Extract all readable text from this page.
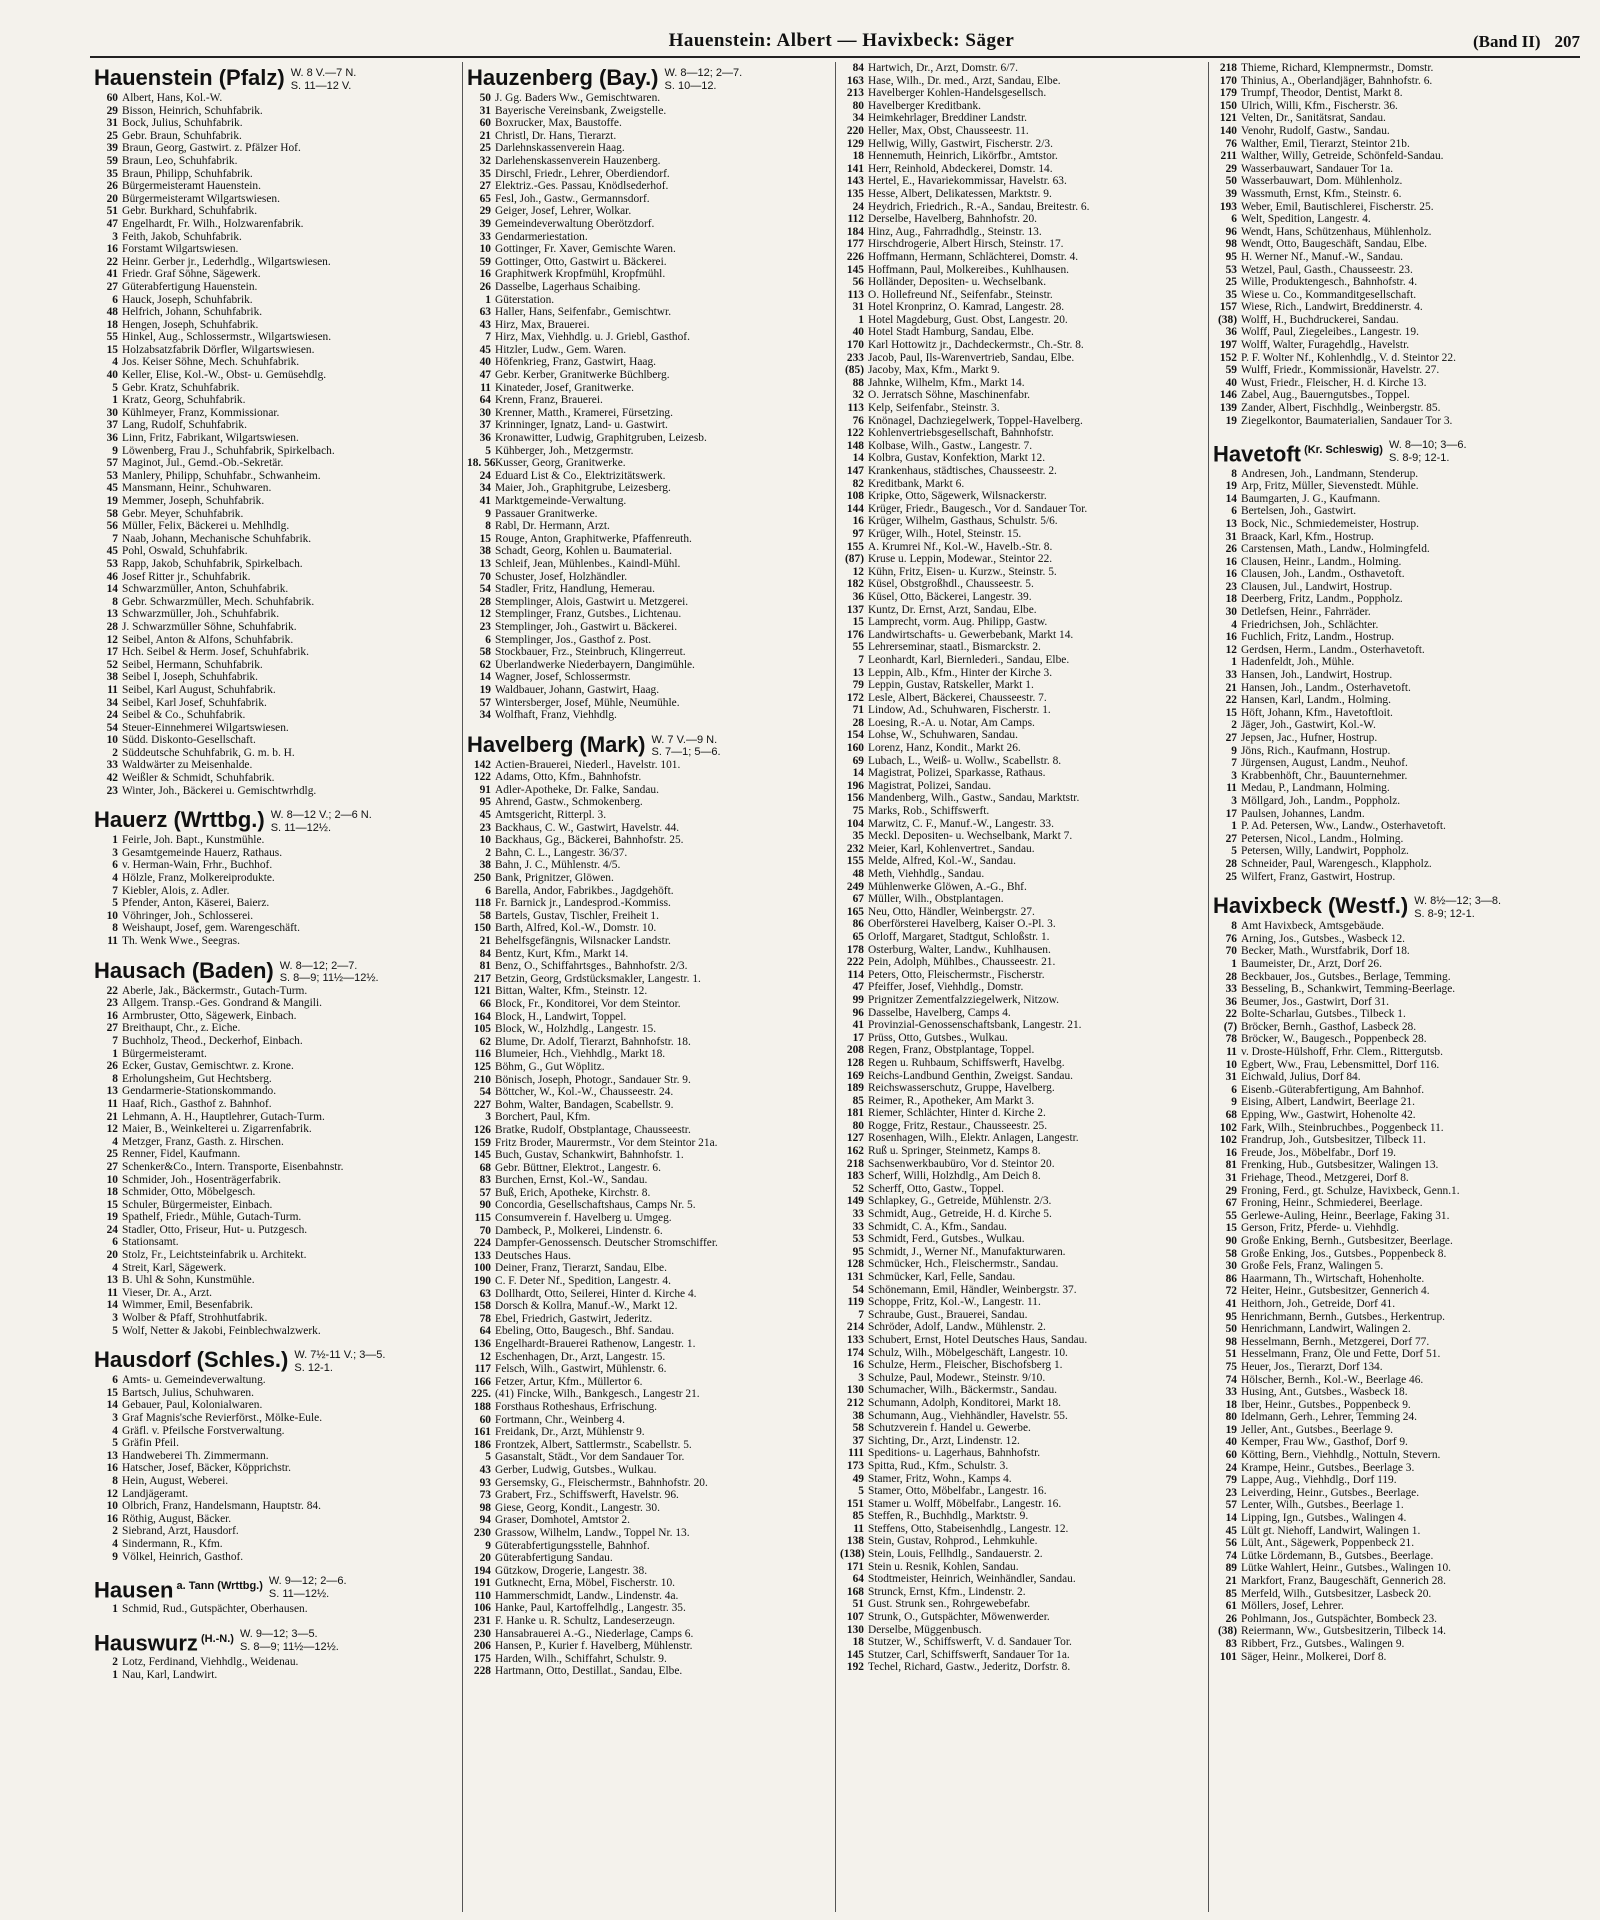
Hauenstein: Albert — Havixbeck: Säger	(Band II) 207
Hauenstein (Pfalz) W. 8 V.—7 N.
S. 11—12 V.
60 Albert, Hans, Kol.-W.
29 Bisson, Heinrich, Schuhfabrik.
31 Bock, Julius, Schuhfabrik.
25 Gebr. Braun, Schuhfabrik.
39 Braun, Georg, Gastwirt. z. Pfälzer Hof.
59 Braun, Leo, Schuhfabrik.
35 Braun, Philipp, Schuhfabrik.
26 Bürgermeisteramt Hauenstein.
20 Bürgermeisteramt Wilgartswiesen.
51 Gebr. Burkhard, Schuhfabrik.
47 Engelhardt, Fr. Wilh., Holzwarenfabrik.
3 Feith, Jakob, Schuhfabrik.
16 Forstamt Wilgartswiesen.
22 Heinr. Gerber jr., Lederhdlg., Wilgartswiesen.
41 Friedr. Graf Söhne, Sägewerk.
27 Güterabfertigung Hauenstein.
6 Hauck, Joseph, Schuhfabrik.
48 Helfrich, Johann, Schuhfabrik.
18 Hengen, Joseph, Schuhfabrik.
55 Hinkel, Aug., Schlossermstr., Wilgartswiesen.
15 Holzabsatzfabrik Dörfler, Wilgartswiesen.
4 Jos. Keiser Söhne, Mech. Schuhfabrik.
40 Keller, Elise, Kol.-W., Obst- u. Gemüsehdlg.
5 Gebr. Kratz, Schuhfabrik.
1 Kratz, Georg, Schuhfabrik.
30 Kühlmeyer, Franz, Kommissionar.
37 Lang, Rudolf, Schuhfabrik.
36 Linn, Fritz, Fabrikant, Wilgartswiesen.
9 Löwenberg, Frau J., Schuhfabrik, Spirkelbach.
57 Maginot, Jul., Gemd.-Ob.-Sekretär.
53 Manlery, Philipp, Schuhfabr., Schwanheim.
45 Mansmann, Heinr., Schuhwaren.
19 Memmer, Joseph, Schuhfabrik.
58 Gebr. Meyer, Schuhfabrik.
56 Müller, Felix, Bäckerei u. Mehlhdlg.
7 Naab, Johann, Mechanische Schuhfabrik.
45 Pohl, Oswald, Schuhfabrik.
53 Rapp, Jakob, Schuhfabrik, Spirkelbach.
46 Josef Ritter jr., Schuhfabrik.
14 Schwarzmüller, Anton, Schuhfabrik.
8 Gebr. Schwarzmüller, Mech. Schuhfabrik.
13 Schwarzmüller, Joh., Schuhfabrik.
28 J. Schwarzmüller Söhne, Schuhfabrik.
12 Seibel, Anton & Alfons, Schuhfabrik.
17 Hch. Seibel & Herm. Josef, Schuhfabrik.
52 Seibel, Hermann, Schuhfabrik.
38 Seibel I, Joseph, Schuhfabrik.
11 Seibel, Karl August, Schuhfabrik.
34 Seibel, Karl Josef, Schuhfabrik.
24 Seibel & Co., Schuhfabrik.
54 Steuer-Einnehmerei Wilgartswiesen.
10 Südd. Diskonto-Gesellschaft.
2 Süddeutsche Schuhfabrik, G. m. b. H.
33 Waldwärter zu Meisenhalde.
42 Weißler & Schmidt, Schuhfabrik.
23 Winter, Joh., Bäckerei u. Gemischtwrhdlg.
Hauerz (Wrttbg.) W. 8—12 V.; 2—6 N.
S. 11—12½.
1 Feirle, Joh. Bapt., Kunstmühle.
3 Gesamtgemeinde Hauerz, Rathaus.
6 v. Herman-Wain, Frhr., Buchhof.
4 Hölzle, Franz, Molkereiprodukte.
7 Kiebler, Alois, z. Adler.
5 Pfender, Anton, Käserei, Baierz.
10 Vöhringer, Joh., Schlosserei.
8 Weishaupt, Josef, gem. Warengeschäft.
11 Th. Wenk Wwe., Seegras.
Hausach (Baden) W. 8—12; 2—7.
S. 8—9; 11½—12½.
22 Aberle, Jak., Bäckermstr., Gutach-Turm.
23 Allgem. Transp.-Ges. Gondrand & Mangili.
16 Armbruster, Otto, Sägewerk, Einbach.
27 Breithaupt, Chr., z. Eiche.
7 Buchholz, Theod., Deckerhof, Einbach.
1 Bürgermeisteramt.
26 Ecker, Gustav, Gemischtwr. z. Krone.
8 Erholungsheim, Gut Hechtsberg.
13 Gendarmerie-Stationskommando.
11 Haaf, Rich., Gasthof z. Bahnhof.
21 Lehmann, A. H., Hauptlehrer, Gutach-Turm.
12 Maier, B., Weinkelterei u. Zigarrenfabrik.
4 Metzger, Franz, Gasth. z. Hirschen.
25 Renner, Fidel, Kaufmann.
27 Schenker&Co., Intern. Transporte, Eisenbahnstr.
10 Schmider, Joh., Hosenträgerfabrik.
18 Schmider, Otto, Möbelgesch.
15 Schuler, Bürgermeister, Einbach.
19 Spathelf, Friedr., Mühle, Gutach-Turm.
24 Stadler, Otto, Friseur, Hut- u. Putzgesch.
6 Stationsamt.
20 Stolz, Fr., Leichtsteinfabrik u. Architekt.
4 Streit, Karl, Sägewerk.
13 B. Uhl & Sohn, Kunstmühle.
11 Vieser, Dr. A., Arzt.
14 Wimmer, Emil, Besenfabrik.
3 Wolber & Pfaff, Strohhutfabrik.
5 Wolf, Netter & Jakobi, Feinblechwalzwerk.
Hausdorf (Schles.) W. 7½-11 V.; 3—5.
S. 12-1.
6 Amts- u. Gemeindeverwaltung.
15 Bartsch, Julius, Schuhwaren.
14 Gebauer, Paul, Kolonialwaren.
3 Graf Magnis'sche Revierförst., Mölke-Eule.
4 Gräfl. v. Pfeilsche Forstverwaltung.
5 Gräfin Pfeil.
13 Handweberei Th. Zimmermann.
16 Hatscher, Josef, Bäcker, Köpprichstr.
8 Hein, August, Weberei.
12 Landjägeramt.
10 Olbrich, Franz, Handelsmann, Hauptstr. 84.
16 Röthig, August, Bäcker.
2 Siebrand, Arzt, Hausdorf.
4 Sindermann, R., Kfm.
9 Völkel, Heinrich, Gasthof.
Hausen $^{a. Tann (Wrttbg.)}$ W. 9—12; 2—6.
S. 11—12½.
1 Schmid, Rud., Gutspächter, Oberhausen.
Hauswurz $^{(H.-N.)}$ W. 9—12; 3—5.
S. 8—9; 11½—12½.
2 Lotz, Ferdinand, Viehhdlg., Weidenau.
1 Nau, Karl, Landwirt.
Hauzenberg (Bay.) W. 8—12; 2—7.
S. 10—12.
50 J. Gg. Baders Ww., Gemischtwaren.
31 Bayerische Vereinsbank, Zweigstelle.
60 Boxrucker, Max, Baustoffe.
21 Christl, Dr. Hans, Tierarzt.
25 Darlehnskassenverein Haag.
32 Darlehenskassenverein Hauzenberg.
35 Dirschl, Friedr., Lehrer, Oberdiendorf.
27 Elektriz.-Ges. Passau, Knödlsederhof.
65 Fesl, Joh., Gastw., Germannsdorf.
29 Geiger, Josef, Lehrer, Wolkar.
39 Gemeindeverwaltung Oberötzdorf.
33 Gendarmeriestation.
10 Gottinger, Fr. Xaver, Gemischte Waren.
59 Gottinger, Otto, Gastwirt u. Bäckerei.
16 Graphitwerk Kropfmühl, Kropfmühl.
26 Dasselbe, Lagerhaus Schaibing.
1 Güterstation.
63 Haller, Hans, Seifenfabr., Gemischtwr.
43 Hirz, Max, Brauerei.
7 Hirz, Max, Viehhdlg. u. J. Griebl, Gasthof.
45 Hitzler, Ludw., Gem. Waren.
40 Höfenkrieg, Franz, Gastwirt, Haag.
47 Gebr. Kerber, Granitwerke Büchlberg.
11 Kinateder, Josef, Granitwerke.
64 Krenn, Franz, Brauerei.
30 Krenner, Matth., Kramerei, Fürsetzing.
37 Krinninger, Ignatz, Land- u. Gastwirt.
36 Kronawitter, Ludwig, Graphitgruben, Leizesb.
5 Kühberger, Joh., Metzgermstr.
18. 56 Kusser, Georg, Granitwerke.
24 Eduard List & Co., Elektrizitätswerk.
34 Maier, Joh., Graphitgrube, Leizesberg.
41 Marktgemeinde-Verwaltung.
9 Passauer Granitwerke.
8 Rabl, Dr. Hermann, Arzt.
15 Rouge, Anton, Graphitwerke, Pfaffenreuth.
38 Schadt, Georg, Kohlen u. Baumaterial.
13 Schleif, Jean, Mühlenbes., Kaindl-Mühl.
70 Schuster, Josef, Holzhändler.
54 Stadler, Fritz, Handlung, Hemerau.
28 Stemplinger, Alois, Gastwirt u. Metzgerei.
12 Stemplinger, Franz, Gutsbes., Lichtenau.
23 Stemplinger, Joh., Gastwirt u. Bäckerei.
6 Stemplinger, Jos., Gasthof z. Post.
58 Stockbauer, Frz., Steinbruch, Klingerreut.
62 Überlandwerke Niederbayern, Dangimühle.
14 Wagner, Josef, Schlossermstr.
19 Waldbauer, Johann, Gastwirt, Haag.
57 Wintersberger, Josef, Mühle, Neumühle.
34 Wolfhaft, Franz, Viehhdlg.
Havelberg (Mark) W. 7 V.—9 N.
S. 7—1; 5—6.
142 Actien-Brauerei, Niederl., Havelstr. 101.
122 Adams, Otto, Kfm., Bahnhofstr.
91 Adler-Apotheke, Dr. Falke, Sandau.
95 Ahrend, Gastw., Schmokenberg.
45 Amtsgericht, Ritterpl. 3.
23 Backhaus, C. W., Gastwirt, Havelstr. 44.
10 Backhaus, Gg., Bäckerei, Bahnhofstr. 25.
2 Bahn, C. L., Langestr. 36/37.
38 Bahn, J. C., Mühlenstr. 4/5.
250 Bank, Prignitzer, Glöwen.
6 Barella, Andor, Fabrikbes., Jagdgehöft.
118 Fr. Barnick jr., Landesprod.-Kommiss.
58 Bartels, Gustav, Tischler, Freiheit 1.
150 Barth, Alfred, Kol.-W., Domstr. 10.
21 Behelfsgefängnis, Wilsnacker Landstr.
84 Bentz, Kurt, Kfm., Markt 14.
81 Benz, O., Schiffahrtsges., Bahnhofstr. 2/3.
217 Betzin, Georg, Grdstücksmakler, Langestr. 1.
121 Bittan, Walter, Kfm., Steinstr. 12.
66 Block, Fr., Konditorei, Vor dem Steintor.
164 Block, H., Landwirt, Toppel.
105 Block, W., Holzhdlg., Langestr. 15.
62 Blume, Dr. Adolf, Tierarzt, Bahnhofstr. 18.
116 Blumeier, Hch., Viehhdlg., Markt 18.
125 Böhm, G., Gut Wöplitz.
210 Bönisch, Joseph, Photogr., Sandauer Str. 9.
54 Böttcher, W., Kol.-W., Chausseestr. 24.
227 Bohm, Walter, Bandagen, Scabellstr. 9.
3 Borchert, Paul, Kfm.
126 Bratke, Rudolf, Obstplantage, Chausseestr.
159 Fritz Broder, Maurermstr., Vor dem Steintor 21a.
145 Buch, Gustav, Schankwirt, Bahnhofstr. 1.
68 Gebr. Büttner, Elektrot., Langestr. 6.
83 Burchen, Ernst, Kol.-W., Sandau.
57 Buß, Erich, Apotheke, Kirchstr. 8.
90 Concordia, Gesellschaftshaus, Camps Nr. 5.
115 Consumverein f. Havelberg u. Umgeg.
70 Dambeck, P., Molkerei, Lindenstr. 6.
224 Dampfer-Genossensch. Deutscher Stromschiffer.
133 Deutsches Haus.
100 Deiner, Franz, Tierarzt, Sandau, Elbe.
190 C. F. Deter Nf., Spedition, Langestr. 4.
63 Dollhardt, Otto, Seilerei, Hinter d. Kirche 4.
158 Dorsch & Kollra, Manuf.-W., Markt 12.
78 Ebel, Friedrich, Gastwirt, Jederitz.
64 Ebeling, Otto, Baugesch., Bhf. Sandau.
136 Engelhardt-Brauerei Rathenow, Langestr. 1.
12 Eschenhagen, Dr., Arzt, Langestr. 15.
117 Felsch, Wilh., Gastwirt, Mühlenstr. 6.
166 Fetzer, Artur, Kfm., Müllertor 6.
225. (41) Fincke, Wilh., Bankgesch., Langestr 21.
188 Forsthaus Rotheshaus, Erfrischung.
60 Fortmann, Chr., Weinberg 4.
161 Freidank, Dr., Arzt, Mühlenstr 9.
186 Frontzek, Albert, Sattlermstr., Scabellstr. 5.
5 Gasanstalt, Städt., Vor dem Sandauer Tor.
43 Gerber, Ludwig, Gutsbes., Wulkau.
93 Gersemsky, G., Fleischermstr., Bahnhofstr. 20.
73 Grabert, Frz., Schiffswerft, Havelstr. 96.
98 Giese, Georg, Kondit., Langestr. 30.
94 Graser, Domhotel, Amtstor 2.
230 Grassow, Wilhelm, Landw., Toppel Nr. 13.
9 Güterabfertigungsstelle, Bahnhof.
20 Güterabfertigung Sandau.
194 Gützkow, Drogerie, Langestr. 38.
191 Gutknecht, Erna, Möbel, Fischerstr. 10.
110 Hammerschmidt, Landw., Lindenstr. 4a.
106 Hanke, Paul, Kartoffelhdlg., Langestr. 35.
231 F. Hanke u. R. Schultz, Landeserzeugn.
230 Hansabrauerei A.-G., Niederlage, Camps 6.
206 Hansen, P., Kurier f. Havelberg, Mühlenstr.
175 Harden, Wilh., Schiffahrt, Schulstr. 9.
228 Hartmann, Otto, Destillat., Sandau, Elbe.
84 Hartwich, Dr., Arzt, Domstr. 6/7.
163 Hase, Wilh., Dr. med., Arzt, Sandau, Elbe.
213 Havelberger Kohlen-Handelsgesellsch.
80 Havelberger Kreditbank.
34 Heimkehrlager, Breddiner Landstr.
220 Heller, Max, Obst, Chausseestr. 11.
129 Hellwig, Willy, Gastwirt, Fischerstr. 2/3.
18 Hennemuth, Heinrich, Likörfbr., Amtstor.
141 Herr, Reinhold, Abdeckerei, Domstr. 14.
143 Hertel, E., Havariekommissar, Havelstr. 63.
135 Hesse, Albert, Delikatessen, Marktstr. 9.
24 Heydrich, Friedrich., R.-A., Sandau, Breitestr. 6.
112 Derselbe, Havelberg, Bahnhofstr. 20.
184 Hinz, Aug., Fahrradhdlg., Steinstr. 13.
177 Hirschdrogerie, Albert Hirsch, Steinstr. 17.
226 Hoffmann, Hermann, Schlächterei, Domstr. 4.
145 Hoffmann, Paul, Molkereibes., Kuhlhausen.
56 Holländer, Depositen- u. Wechselbank.
113 O. Hollefreund Nf., Seifenfabr., Steinstr.
31 Hotel Kronprinz, O. Kamrad, Langestr. 28.
1 Hotel Magdeburg, Gust. Obst, Langestr. 20.
40 Hotel Stadt Hamburg, Sandau, Elbe.
170 Karl Hottowitz jr., Dachdeckermstr., Ch.-Str. 8.
233 Jacob, Paul, Ils-Warenvertrieb, Sandau, Elbe.
(85) Jacoby, Max, Kfm., Markt 9.
88 Jahnke, Wilhelm, Kfm., Markt 14.
32 O. Jerratsch Söhne, Maschinenfabr.
113 Kelp, Seifenfabr., Steinstr. 3.
76 Knönagel, Dachziegelwerk, Toppel-Havelberg.
122 Kohlenvertriebsgesellschaft, Bahnhofstr.
148 Kolbase, Wilh., Gastw., Langestr. 7.
14 Kolbra, Gustav, Konfektion, Markt 12.
147 Krankenhaus, städtisches, Chausseestr. 2.
82 Kreditbank, Markt 6.
108 Kripke, Otto, Sägewerk, Wilsnackerstr.
144 Krüger, Friedr., Baugesch., Vor d. Sandauer Tor.
16 Krüger, Wilhelm, Gasthaus, Schulstr. 5/6.
97 Krüger, Wilh., Hotel, Steinstr. 15.
155 A. Krumrei Nf., Kol.-W., Havelb.-Str. 8.
(87) Kruse u. Leppin, Modewar., Steintor 22.
12 Kühn, Fritz, Eisen- u. Kurzw., Steinstr. 5.
182 Küsel, Obstgroßhdl., Chausseestr. 5.
36 Küsel, Otto, Bäckerei, Langestr. 39.
137 Kuntz, Dr. Ernst, Arzt, Sandau, Elbe.
15 Lamprecht, vorm. Aug. Philipp, Gastw.
176 Landwirtschafts- u. Gewerbebank, Markt 14.
55 Lehrerseminar, staatl., Bismarckstr. 2.
7 Leonhardt, Karl, Biernlederi., Sandau, Elbe.
13 Leppin, Alb., Kfm., Hinter der Kirche 3.
79 Leppin, Gustav, Ratskeller, Markt 1.
172 Lesle, Albert, Bäckerei, Chausseestr. 7.
71 Lindow, Ad., Schuhwaren, Fischerstr. 1.
28 Loesing, R.-A. u. Notar, Am Camps.
154 Lohse, W., Schuhwaren, Sandau.
160 Lorenz, Hanz, Kondit., Markt 26.
69 Lubach, L., Weiß- u. Wollw., Scabellstr. 8.
14 Magistrat, Polizei, Sparkasse, Rathaus.
196 Magistrat, Polizei, Sandau.
156 Mandenberg, Wilh., Gastw., Sandau, Marktstr.
75 Marks, Rob., Schiffswerft.
104 Marwitz, C. F., Manuf.-W., Langestr. 33.
35 Meckl. Depositen- u. Wechselbank, Markt 7.
232 Meier, Karl, Kohlenvertret., Sandau.
155 Melde, Alfred, Kol.-W., Sandau.
48 Meth, Viehhdlg., Sandau.
249 Mühlenwerke Glöwen, A.-G., Bhf.
67 Müller, Wilh., Obstplantagen.
165 Neu, Otto, Händler, Weinbergstr. 27.
86 Oberförsterei Havelberg, Kaiser O.-Pl. 3.
65 Orloff, Margaret, Stadtgut, Schloßstr. 1.
178 Osterburg, Walter, Landw., Kuhlhausen.
222 Pein, Adolph, Mühlbes., Chausseestr. 21.
114 Peters, Otto, Fleischermstr., Fischerstr.
47 Pfeiffer, Josef, Viehhdlg., Domstr.
99 Prignitzer Zementfalzziegelwerk, Nitzow.
96 Dasselbe, Havelberg, Camps 4.
41 Provinzial-Genossenschaftsbank, Langestr. 21.
17 Prüss, Otto, Gutsbes., Wulkau.
208 Regen, Franz, Obstplantage, Toppel.
128 Regen u. Ruhbaum, Schiffswerft, Havelbg.
169 Reichs-Landbund Genthin, Zweigst. Sandau.
189 Reichswasserschutz, Gruppe, Havelberg.
85 Reimer, R., Apotheker, Am Markt 3.
181 Riemer, Schlächter, Hinter d. Kirche 2.
80 Rogge, Fritz, Restaur., Chausseestr. 25.
127 Rosenhagen, Wilh., Elektr. Anlagen, Langestr.
162 Ruß u. Springer, Steinmetz, Kamps 8.
218 Sachsenwerkbaubüro, Vor d. Steintor 20.
183 Scherf, Willi, Holzhdlg., Am Deich 8.
52 Scherff, Otto, Gastw., Toppel.
149 Schlapkey, G., Getreide, Mühlenstr. 2/3.
33 Schmidt, Aug., Getreide, H. d. Kirche 5.
33 Schmidt, C. A., Kfm., Sandau.
53 Schmidt, Ferd., Gutsbes., Wulkau.
95 Schmidt, J., Werner Nf., Manufakturwaren.
128 Schmücker, Hch., Fleischermstr., Sandau.
131 Schmücker, Karl, Felle, Sandau.
54 Schönemann, Emil, Händler, Weinbergstr. 37.
119 Schoppe, Fritz, Kol.-W., Langestr. 11.
7 Schraube, Gust., Brauerei, Sandau.
214 Schröder, Adolf, Landw., Mühlenstr. 2.
133 Schubert, Ernst, Hotel Deutsches Haus, Sandau.
174 Schulz, Wilh., Möbelgeschäft, Langestr. 10.
16 Schulze, Herm., Fleischer, Bischofsberg 1.
3 Schulze, Paul, Modewr., Steinstr. 9/10.
130 Schumacher, Wilh., Bäckermstr., Sandau.
212 Schumann, Adolph, Konditorei, Markt 18.
38 Schumann, Aug., Viehhändler, Havelstr. 55.
58 Schutzverein f. Handel u. Gewerbe.
37 Sichting, Dr., Arzt, Lindenstr. 12.
111 Speditions- u. Lagerhaus, Bahnhofstr.
173 Spitta, Rud., Kfm., Schulstr. 3.
49 Stamer, Fritz, Wohn., Kamps 4.
5 Stamer, Otto, Möbelfabr., Langestr. 16.
151 Stamer u. Wolff, Möbelfabr., Langestr. 16.
85 Steffen, R., Buchhdlg., Marktstr. 9.
11 Steffens, Otto, Stabeisenhdlg., Langestr. 12.
138 Stein, Gustav, Rohprod., Lehmkuhle.
(138) Stein, Louis, Fellhdlg., Sandauerstr. 2.
171 Stein u. Resnik, Kohlen, Sandau.
64 Stodtmeister, Heinrich, Weinhändler, Sandau.
168 Strunck, Ernst, Kfm., Lindenstr. 2.
51 Gust. Strunk sen., Rohrgewebefabr.
107 Strunk, O., Gutspächter, Möwenwerder.
130 Derselbe, Müggenbusch.
18 Stutzer, W., Schiffswerft, V. d. Sandauer Tor.
145 Stutzer, Carl, Schiffswerft, Sandauer Tor 1a.
192 Techel, Richard, Gastw., Jederitz, Dorfstr. 8.
218 Thieme, Richard, Klempnermstr., Domstr.
170 Thinius, A., Oberlandjäger, Bahnhofstr. 6.
179 Trumpf, Theodor, Dentist, Markt 8.
150 Ulrich, Willi, Kfm., Fischerstr. 36.
121 Velten, Dr., Sanitätsrat, Sandau.
140 Venohr, Rudolf, Gastw., Sandau.
76 Walther, Emil, Tierarzt, Steintor 21b.
211 Walther, Willy, Getreide, Schönfeld-Sandau.
29 Wasserbauwart, Sandauer Tor 1a.
50 Wasserbauwart, Dom. Mühlenholz.
39 Wassmuth, Ernst, Kfm., Steinstr. 6.
193 Weber, Emil, Bautischlerei, Fischerstr. 25.
6 Welt, Spedition, Langestr. 4.
96 Wendt, Hans, Schützenhaus, Mühlenholz.
98 Wendt, Otto, Baugeschäft, Sandau, Elbe.
95 H. Werner Nf., Manuf.-W., Sandau.
53 Wetzel, Paul, Gasth., Chausseestr. 23.
25 Wille, Produktengesch., Bahnhofstr. 4.
35 Wiese u. Co., Kommanditgesellschaft.
157 Wiese, Rich., Landwirt, Breddinerstr. 4.
(38) Wolff, H., Buchdruckerei, Sandau.
36 Wolff, Paul, Ziegeleibes., Langestr. 19.
197 Wolff, Walter, Furagehdlg., Havelstr.
152 P. F. Wolter Nf., Kohlenhdlg., V. d. Steintor 22.
59 Wulff, Friedr., Kommissionär, Havelstr. 27.
40 Wust, Friedr., Fleischer, H. d. Kirche 13.
146 Zabel, Aug., Bauerngutsbes., Toppel.
139 Zander, Albert, Fischhdlg., Weinbergstr. 85.
19 Ziegelkontor, Baumaterialien, Sandauer Tor 3.
Havetoft $^{(Kr. Schleswig)}$ W. 8—10; 3—6.
S. 8-9; 12-1.
8 Andresen, Joh., Landmann, Stenderup.
19 Arp, Fritz, Müller, Sievenstedt. Mühle.
14 Baumgarten, J. G., Kaufmann.
6 Bertelsen, Joh., Gastwirt.
13 Bock, Nic., Schmiedemeister, Hostrup.
31 Braack, Karl, Kfm., Hostrup.
26 Carstensen, Math., Landw., Holmingfeld.
16 Clausen, Heinr., Landm., Holming.
16 Clausen, Joh., Landm., Osthavetoft.
23 Clausen, Jul., Landwirt, Hostrup.
18 Deerberg, Fritz, Landm., Poppholz.
30 Detlefsen, Heinr., Fahrräder.
4 Friedrichsen, Joh., Schlächter.
16 Fuchlich, Fritz, Landm., Hostrup.
12 Gerdsen, Herm., Landm., Osterhavetoft.
1 Hadenfeldt, Joh., Mühle.
33 Hansen, Joh., Landwirt, Hostrup.
21 Hansen, Joh., Landm., Osterhavetoft.
22 Hansen, Karl, Landm., Holming.
15 Höft, Johann, Kfm., Havetoftloit.
2 Jäger, Joh., Gastwirt, Kol.-W.
27 Jepsen, Jac., Hufner, Hostrup.
9 Jöns, Rich., Kaufmann, Hostrup.
7 Jürgensen, August, Landm., Neuhof.
3 Krabbenhöft, Chr., Bauunternehmer.
11 Medau, P., Landmann, Holming.
3 Möllgard, Joh., Landm., Poppholz.
17 Paulsen, Johannes, Landm.
1 P. Ad. Petersen, Ww., Landw., Osterhavetoft.
27 Petersen, Nicol., Landm., Holming.
5 Petersen, Willy, Landwirt, Poppholz.
28 Schneider, Paul, Warengesch., Klappholz.
25 Wilfert, Franz, Gastwirt, Hostrup.
Havixbeck (Westf.) W. 8½—12; 3—8.
S. 8-9; 12-1.
8 Amt Havixbeck, Amtsgebäude.
76 Arning, Jos., Gutsbes., Wasbeck 12.
70 Becker, Math., Wurstfabrik, Dorf 18.
1 Baumeister, Dr., Arzt, Dorf 26.
28 Beckbauer, Jos., Gutsbes., Berlage, Temming.
33 Besseling, B., Schankwirt, Temming-Beerlage.
36 Beumer, Jos., Gastwirt, Dorf 31.
22 Bolte-Scharlau, Gutsbes., Tilbeck 1.
(7) Bröcker, Bernh., Gasthof, Lasbeck 28.
78 Bröcker, W., Baugesch., Poppenbeck 28.
11 v. Droste-Hülshoff, Frhr. Clem., Rittergutsb.
10 Egbert, Ww., Frau, Lebensmittel, Dorf 116.
31 Eichwald, Julius, Dorf 84.
6 Eisenb.-Güterabfertigung, Am Bahnhof.
9 Eising, Albert, Landwirt, Beerlage 21.
68 Epping, Ww., Gastwirt, Hohenolte 42.
102 Fark, Wilh., Steinbruchbes., Poggenbeck 11.
102 Frandrup, Joh., Gutsbesitzer, Tilbeck 11.
16 Freude, Jos., Möbelfabr., Dorf 19.
81 Frenking, Hub., Gutsbesitzer, Walingen 13.
31 Friehage, Theod., Metzgerei, Dorf 8.
29 Froning, Ferd., gt. Schulze, Havixbeck, Genn.1.
67 Froning, Heinr., Schmiederei, Beerlage.
55 Gerlewe-Auling, Heinr., Beerlage, Faking 31.
15 Gerson, Fritz, Pferde- u. Viehhdlg.
90 Große Enking, Bernh., Gutsbesitzer, Beerlage.
58 Große Enking, Jos., Gutsbes., Poppenbeck 8.
30 Große Fels, Franz, Walingen 5.
86 Haarmann, Th., Wirtschaft, Hohenholte.
72 Heiter, Heinr., Gutsbesitzer, Gennerich 4.
41 Heithorn, Joh., Getreide, Dorf 41.
95 Henrichmann, Bernh., Gutsbes., Herkentrup.
50 Henrichmann, Landwirt, Walingen 2.
98 Hesselmann, Bernh., Metzgerei, Dorf 77.
51 Hesselmann, Franz, Öle und Fette, Dorf 51.
75 Heuer, Jos., Tierarzt, Dorf 134.
74 Hölscher, Bernh., Kol.-W., Beerlage 46.
33 Husing, Ant., Gutsbes., Wasbeck 18.
18 Iber, Heinr., Gutsbes., Poppenbeck 9.
80 Idelmann, Gerh., Lehrer, Temming 24.
19 Jeller, Ant., Gutsbes., Beerlage 9.
40 Kemper, Frau Ww., Gasthof, Dorf 9.
60 Kötting, Bern., Viehhdlg., Nottuln, Stevern.
24 Krampe, Heinr., Gutsbes., Beerlage 3.
79 Lappe, Aug., Viehhdlg., Dorf 119.
23 Leiverding, Heinr., Gutsbes., Beerlage.
57 Lenter, Wilh., Gutsbes., Beerlage 1.
14 Lipping, Ign., Gutsbes., Walingen 4.
45 Lült gt. Niehoff, Landwirt, Walingen 1.
56 Lült, Ant., Sägewerk, Poppenbeck 21.
74 Lütke Lördemann, B., Gutsbes., Beerlage.
89 Lütke Wahlert, Heinr., Gutsbes., Walingen 10.
21 Markfort, Franz, Baugeschäft, Gennerich 28.
85 Merfeld, Wilh., Gutsbesitzer, Lasbeck 20.
61 Möllers, Josef, Lehrer.
26 Pohlmann, Jos., Gutspächter, Bombeck 23.
(38) Reiermann, Ww., Gutsbesitzerin, Tilbeck 14.
83 Ribbert, Frz., Gutsbes., Walingen 9.
101 Säger, Heinr., Molkerei, Dorf 8.
